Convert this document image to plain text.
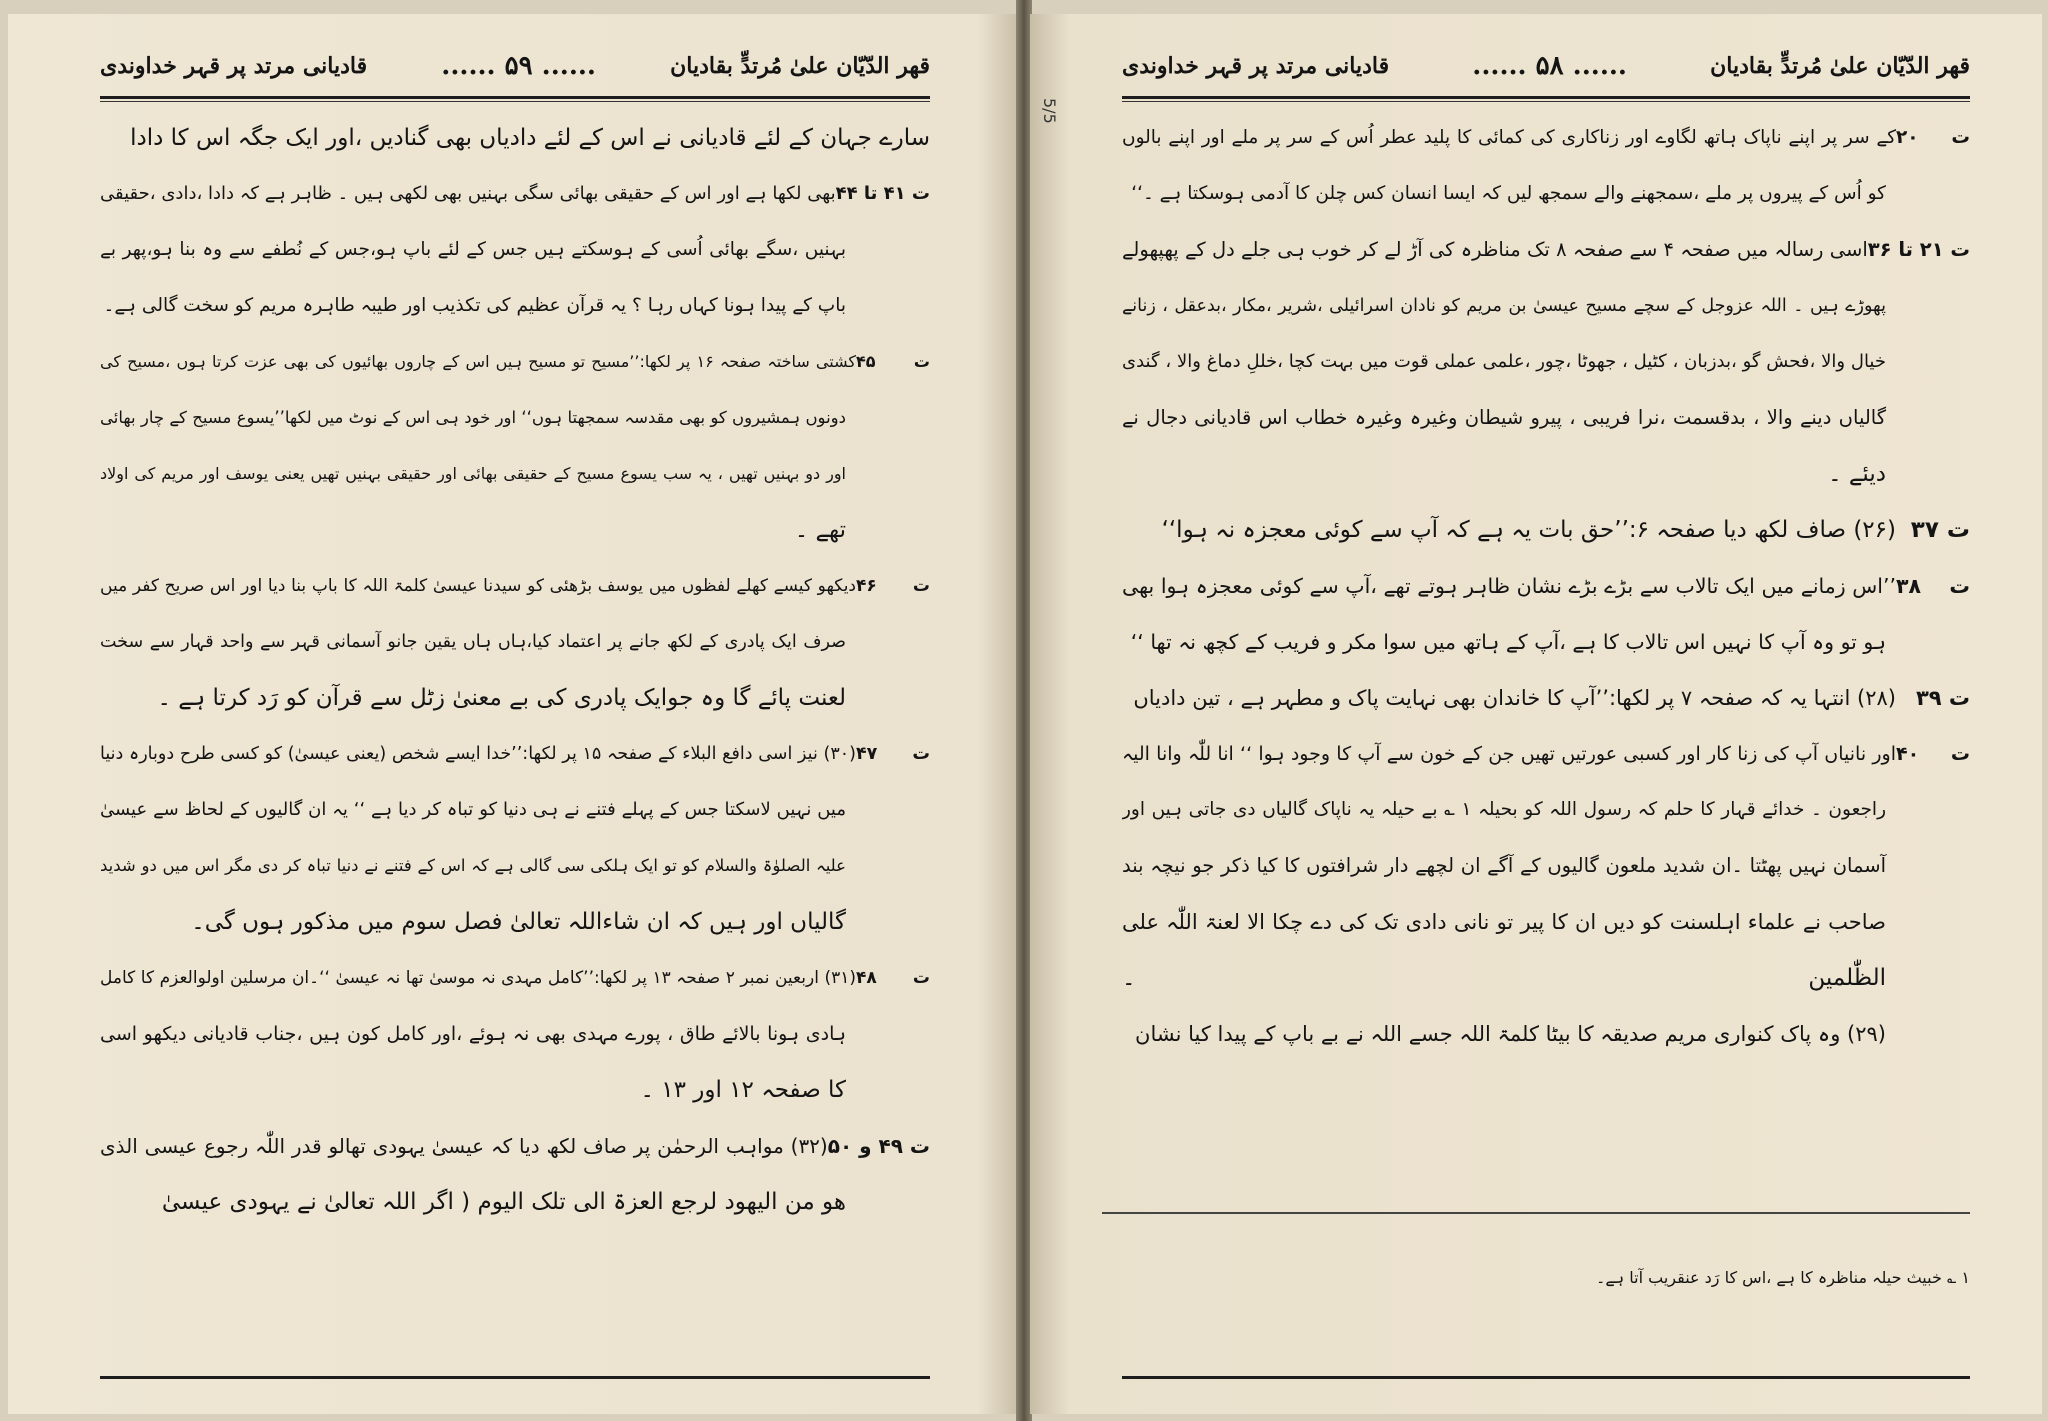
قھر الدّیّان علیٰ مُرتدٍّ بقادیان
...... ۵۹ ......
قادیانی مرتد پر قہر خداوندی
سارے جہان کے لئے قادیانی نے اس کے لئے دادیاں بھی گنادیں ،اور ایک جگہ اس کا دادا
ت ۴۱ تا ۴۴بھی لکھا ہے اور اس کے حقیقی بھائی سگی بہنیں بھی لکھی ہیں ۔ ظاہر ہے کہ دادا ،دادی ،حقیقی
بہنیں ،سگے بھائی اُسی کے ہوسکتے ہیں جس کے لئے باپ ہو،جس کے نُطفے سے وہ بنا ہو،پھر بے
باپ کے پیدا ہونا کہاں رہا ؟ یہ قرآن عظیم کی تکذیب اور طیبہ طاہرہ مریم کو سخت گالی ہے۔
ت ۴۵کشتی ساختہ صفحہ ۱۶ پر لکھا:’’مسیح تو مسیح ہیں اس کے چاروں بھائیوں کی بھی عزت کرتا ہوں ،مسیح کی
دونوں ہمشیروں کو بھی مقدسہ سمجھتا ہوں‘‘ اور خود ہی اس کے نوٹ میں لکھا’’یسوع مسیح کے چار بھائی
اور دو بہنیں تھیں ، یہ سب یسوع مسیح کے حقیقی بھائی اور حقیقی بہنیں تھیں یعنی یوسف اور مریم کی اولاد
تھے ۔
ت ۴۶دیکھو کیسے کھلے لفظوں میں یوسف بڑھئی کو سیدنا عیسیٰ کلمۃ اللہ کا باپ بنا دیا اور اس صریح کفر میں
صرف ایک پادری کے لکھ جانے پر اعتماد کیا،ہاں ہاں یقین جانو آسمانی قہر سے واحد قہار سے سخت
لعنت پائے گا وہ جوایک پادری کی بے معنیٰ زٹل سے قرآن کو رَد کرتا ہے ۔
ت ۴۷(۳۰) نیز اسی دافع البلاء کے صفحہ ۱۵ پر لکھا:’’خدا ایسے شخص (یعنی عیسیٰ) کو کسی طرح دوبارہ دنیا
میں نہیں لاسکتا جس کے پہلے فتنے نے ہی دنیا کو تباہ کر دیا ہے ‘‘ یہ ان گالیوں کے لحاظ سے عیسیٰ
علیہ الصلوٰۃ والسلام کو تو ایک ہلکی سی گالی ہے کہ اس کے فتنے نے دنیا تباہ کر دی مگر اس میں دو شدید
گالیاں اور ہیں کہ ان شاءاللہ تعالیٰ فصل سوم میں مذکور ہوں گی۔
ت ۴۸(۳۱) اربعین نمبر ۲ صفحہ ۱۳ پر لکھا:’’کامل مہدی نہ موسیٰ تھا نہ عیسیٰ ‘‘۔ان مرسلین اولوالعزم کا کامل
ہادی ہونا بالائے طاق ، پورے مہدی بھی نہ ہوئے ،اور کامل کون ہیں ،جناب قادیانی دیکھو اسی
کا صفحہ ۱۲ اور ۱۳ ۔
ت ۴۹ و ۵۰(۳۲) مواہب الرحمٰن پر صاف لکھ دیا کہ عیسیٰ یہودی تھالو قدر اللّٰہ رجوع عیسی الذی
ھو من الیھود لرجع العزۃ الی تلک الیوم ( اگر اللہ تعالیٰ نے یہودی عیسیٰ
5/5
قھر الدّیّان علیٰ مُرتدٍّ بقادیان
...... ۵۸ ......
قادیانی مرتد پر قہر خداوندی
ت ۲۰کے سر پر اپنے ناپاک ہاتھ لگاوے اور زناکاری کی کمائی کا پلید عطر اُس کے سر پر ملے اور اپنے بالوں
کو اُس کے پیروں پر ملے ،سمجھنے والے سمجھ لیں کہ ایسا انسان کس چلن کا آدمی ہوسکتا ہے ۔‘‘
ت ۲۱ تا ۳۶اسی رسالہ میں صفحہ ۴ سے صفحہ ۸ تک مناظرہ کی آڑ لے کر خوب ہی جلے دل کے پھپھولے
پھوڑے ہیں ۔ اللہ عزوجل کے سچے مسیح عیسیٰ بن مریم کو نادان اسرائیلی ،شریر ،مکار ،بدعقل ، زنانے
خیال والا ،فحش گو ،بدزبان ، کٹیل ، جھوٹا ،چور ،علمی عملی قوت میں بہت کچا ،خللِ دماغ والا ، گندی
گالیاں دینے والا ، بدقسمت ،نرا فریبی ، پیرو شیطان وغیرہ وغیرہ خطاب اس قادیانی دجال نے
دیئے ۔
ت ۳۷(۲۶) صاف لکھ دیا صفحہ ۶:’’حق بات یہ ہے کہ آپ سے کوئی معجزہ نہ ہوا‘‘
ت ۳۸’’اس زمانے میں ایک تالاب سے بڑے بڑے نشان ظاہر ہوتے تھے ،آپ سے کوئی معجزہ ہوا بھی
ہو تو وہ آپ کا نہیں اس تالاب کا ہے ،آپ کے ہاتھ میں سوا مکر و فریب کے کچھ نہ تھا ‘‘
ت ۳۹(۲۸) انتہا یہ کہ صفحہ ۷ پر لکھا:’’آپ کا خاندان بھی نہایت پاک و مطہر ہے ، تین دادیاں
ت ۴۰اور نانیاں آپ کی زنا کار اور کسبی عورتیں تھیں جن کے خون سے آپ کا وجود ہوا ‘‘ انا للّٰہ وانا الیہ
راجعون ۔ خدائے قہار کا حلم کہ رسول اللہ کو بحیلہ ۱ ؎ بے حیلہ یہ ناپاک گالیاں دی جاتی ہیں اور
آسمان نہیں پھٹتا ۔ان شدید ملعون گالیوں کے آگے ان لچھے دار شرافتوں کا کیا ذکر جو نیچہ بند
صاحب نے علماء اہلسنت کو دیں ان کا پیر تو نانی دادی تک کی دے چکا الا لعنۃ اللّٰہ علی
الظّٰلمین ۔
(۲۹) وہ پاک کنواری مریم صدیقہ کا بیٹا کلمۃ اللہ جسے اللہ نے بے باپ کے پیدا کیا نشان
۱ ؎ خبیث حیلہ مناظرہ کا ہے ،اس کا رَد عنقریب آتا ہے۔
